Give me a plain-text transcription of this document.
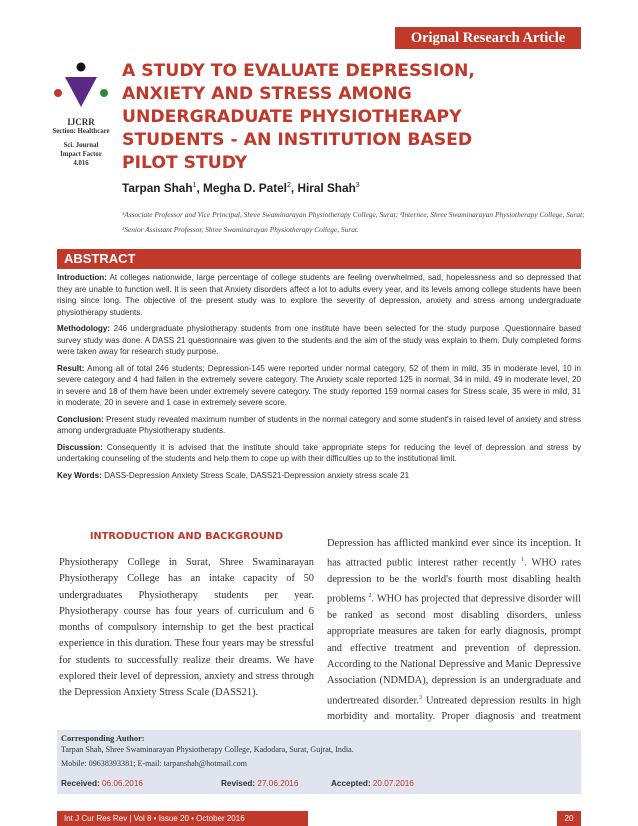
Orignal Research Article
IJCRR
Section: Healthcare
Sci. Journal
Impact Factor
4.016
A STUDY TO EVALUATE DEPRESSION, ANXIETY AND STRESS AMONG UNDERGRADUATE PHYSIOTHERAPY STUDENTS - AN INSTITUTION BASED PILOT STUDY
Tarpan Shah$^1$, Megha D. Patel$^2$, Hiral Shah$^3$
¹Associate Professor and Vice Principal, Shree Swaminarayan Physiotherapy College, Surat; ²Internee, Shree Swaminarayan Physiotherapy College, Surat; ³Senior Assistant Professor, Shree Swaminarayan Physiotherapy College, Surat.
ABSTRACT

Introduction: At colleges nationwide, large percentage of college students are feeling overwhelmed, sad, hopelessness and so depressed that they are unable to function well. It is seen that Anxiety disorders affect a lot to adults every year, and its levels among college students have been rising since long. The objective of the present study was to explore the severity of depression, anxiety and stress among undergraduate physiotherapy students.

Methodology: 246 undergraduate physiotherapy students from one institute have been selected for the study purpose .Questionnaire based survey study was done. A DASS 21 questionnaire was given to the students and the aim of the study was explain to them. Duly completed forms were taken away for research study purpose.

Result: Among all of total 246 students; Depression-145 were reported under normal category, 52 of them in mild, 35 in moderate level, 10 in severe category and 4 had fallen in the extremely severe category. The Anxiety scale reported 125 in normal, 34 in mild, 49 in moderate level, 20 in severe and 18 of them have been under extremely severe category. The study reported 159 normal cases for Stress scale, 35 were in mild, 31 in moderate, 20 in severe and 1 case in extremely severe score.

Conclusion: Present study revealed maximum number of students in the normal category and some student's in raised level of anxiety and stress among undergraduate Physiotherapy students.

Discussion: Consequently it is advised that the institute should take appropriate steps for reducing the level of depression and stress by undertaking counseling of the students and help them to cope up with their difficulties up to the institutional limit.

Key Words: DASS-Depression Anxiety Stress Scale, DASS21-Depression anxiety stress scale 21

INTRODUCTION AND BACKGROUND

Physiotherapy College in Surat, Shree Swaminarayan Physiotherapy College has an intake capacity of 50 undergraduates Physiotherapy students per year. Physiotherapy course has four years of curriculum and 6 months of compulsory internship to get the best practical experience in this duration. These four years may be stressful for students to successfully realize their dreams. We have explored their level of depression, anxiety and stress through the Depression Anxiety Stress Scale (DASS21).

Depression has afflicted mankind ever since its inception. It has attracted public interest rather recently $^1$. WHO rates depression to be the world's fourth most disabling health problems $^2$. WHO has projected that depressive disorder will be ranked as second most disabling disorders, unless appropriate measures are taken for early diagnosis, prompt and effective treatment and prevention of depression. According to the National Depressive and Manic Depressive Association (NDMDA), depression is an undergraduate and undertreated disorder.$^3$ Untreated depression results in high morbidity and mortality. Proper diagnosis and treatment

Corresponding Author:
Tarpan Shah, Shree Swaminarayan Physiotherapy College, Kadodara, Surat, Gujrat, India.
Mobile: 09638393381; E-mail: tarpanshah@hotmail.com
Received: 06.06.2016	Revised: 27.06.2016	Accepted: 20.07.2016
Int J Cur Res Rev | Vol 8 • Issue 20 • October 2016	20
